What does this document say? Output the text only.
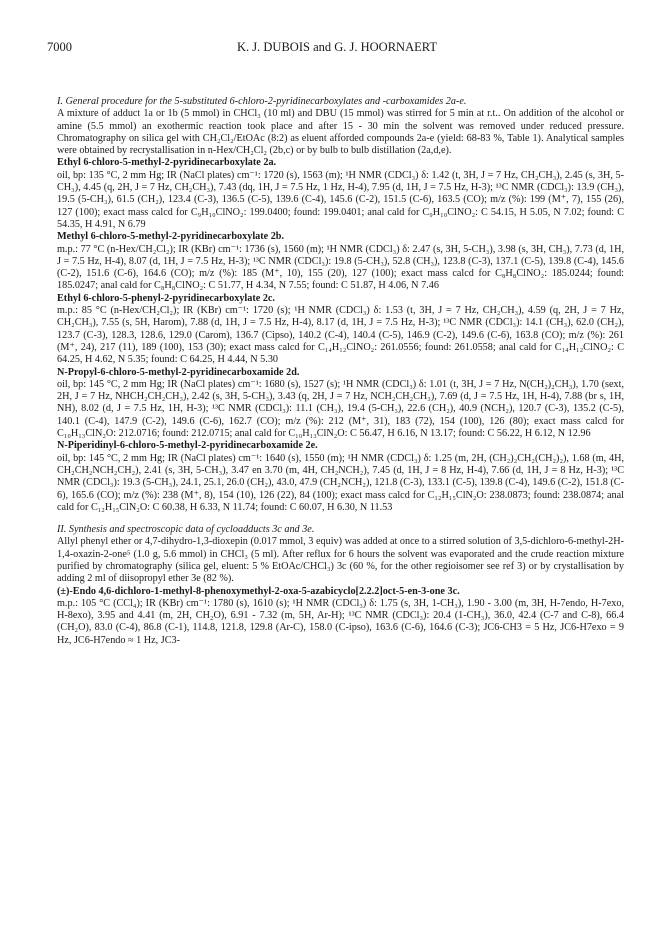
7000	K. J. DUBOIS and G. J. HOORNAERT

I. General procedure for the 5-substituted 6-chloro-2-pyridinecarboxylates and -carboxamides 2a-e.

A mixture of adduct 1a or 1b (5 mmol) in CHCl₃ (10 ml) and DBU (15 mmol) was stirred for 5 min at r.t.. On addition of the alcohol or amine (5.5 mmol) an exothermic reaction took place and after 15 - 30 min the solvent was removed under reduced pressure. Chromatography on silica gel with CH₂Cl₂/EtOAc (8:2) as eluent afforded compounds 2a-e (yield: 68-83 %, Table 1). Analytical samples were obtained by recrystallisation in n-Hex/CH₂Cl₂ (2b,c) or by bulb to bulb distillation (2a,d,e).

Ethyl 6-chloro-5-methyl-2-pyridinecarboxylate 2a.

oil, bp: 135 °C, 2 mm Hg; IR (NaCl plates) cm⁻¹: 1720 (s), 1563 (m); ¹H NMR (CDCl₃) δ: 1.42 (t, 3H, J = 7 Hz, CH₂CH₃), 2.45 (s, 3H, 5-CH₃), 4.45 (q, 2H, J = 7 Hz, CH₂CH₃), 7.43 (dq, 1H, J = 7.5 Hz, 1 Hz, H-4), 7.95 (d, 1H, J = 7.5 Hz, H-3); ¹³C NMR (CDCl₃): 13.9 (CH₃), 19.5 (5-CH₃), 61.5 (CH₂), 123.4 (C-3), 136.5 (C-5), 139.6 (C-4), 145.6 (C-2), 151.5 (C-6), 163.5 (CO); m/z (%): 199 (M⁺, 7), 155 (26), 127 (100); exact mass calcd for C₉H₁₀ClNO₂: 199.0400; found: 199.0401; anal cald for C₉H₁₀ClNO₂: C 54.15, H 5.05, N 7.02; found: C 54.35, H 4.91, N 6.79

Methyl 6-chloro-5-methyl-2-pyridinecarboxylate 2b.

m.p.: 77 °C (n-Hex/CH₂Cl₂); IR (KBr) cm⁻¹: 1736 (s), 1560 (m); ¹H NMR (CDCl₃) δ: 2.47 (s, 3H, 5-CH₃), 3.98 (s, 3H, CH₃), 7.73 (d, 1H, J = 7.5 Hz, H-4), 8.07 (d, 1H, J = 7.5 Hz, H-3); ¹³C NMR (CDCl₃): 19.8 (5-CH₃), 52.8 (CH₃), 123.8 (C-3), 137.1 (C-5), 139.8 (C-4), 145.6 (C-2), 151.6 (C-6), 164.6 (CO); m/z (%): 185 (M⁺, 10), 155 (20), 127 (100); exact mass calcd for C₈H₈ClNO₂: 185.0244; found: 185.0247; anal cald for C₈H₈ClNO₂: C 51.77, H 4.34, N 7.55; found: C 51.87, H 4.06, N 7.46

Ethyl 6-chloro-5-phenyl-2-pyridinecarboxylate 2c.

m.p.: 85 °C (n-Hex/CH₂Cl₂); IR (KBr) cm⁻¹: 1720 (s); ¹H NMR (CDCl₃) δ: 1.53 (t, 3H, J = 7 Hz, CH₂CH₃), 4.59 (q, 2H, J = 7 Hz, CH₂CH₃), 7.55 (s, 5H, Harom), 7.88 (d, 1H, J = 7.5 Hz, H-4), 8.17 (d, 1H, J = 7.5 Hz, H-3); ¹³C NMR (CDCl₃): 14.1 (CH₃), 62.0 (CH₂), 123.7 (C-3), 128.3, 128.6, 129.0 (Carom), 136.7 (Cipso), 140.2 (C-4), 140.4 (C-5), 146.9 (C-2), 149.6 (C-6), 163.8 (CO); m/z (%): 261 (M⁺, 24), 217 (11), 189 (100), 153 (30); exact mass calcd for C₁₄H₁₂ClNO₂: 261.0556; found: 261.0558; anal cald for C₁₄H₁₂ClNO₂: C 64.25, H 4.62, N 5.35; found: C 64.25, H 4.44, N 5.30

N-Propyl-6-chloro-5-methyl-2-pyridinecarboxamide 2d.

oil, bp: 145 °C, 2 mm Hg; IR (NaCl plates) cm⁻¹: 1680 (s), 1527 (s); ¹H NMR (CDCl₃) δ: 1.01 (t, 3H, J = 7 Hz, N(CH₂)₂CH₃), 1.70 (sext, 2H, J = 7 Hz, NHCH₂CH₂CH₃), 2.42 (s, 3H, 5-CH₃), 3.43 (q, 2H, J = 7 Hz, NCH₂CH₂CH₃), 7.69 (d, J = 7.5 Hz, 1H, H-4), 7.88 (br s, 1H, NH), 8.02 (d, J = 7.5 Hz, 1H, H-3); ¹³C NMR (CDCl₃): 11.1 (CH₃), 19.4 (5-CH₃), 22.6 (CH₂), 40.9 (NCH₂), 120.7 (C-3), 135.2 (C-5), 140.1 (C-4), 147.9 (C-2), 149.6 (C-6), 162.7 (CO); m/z (%): 212 (M⁺, 31), 183 (72), 154 (100), 126 (80); exact mass calcd for C₁₀H₁₃ClN₂O: 212.0716; found: 212.0715; anal cald for C₁₀H₁₃ClN₂O: C 56.47, H 6.16, N 13.17; found: C 56.22, H 6.12, N 12.96

N-Piperidinyl-6-chloro-5-methyl-2-pyridinecarboxamide 2e.

oil, bp: 145 °C, 2 mm Hg; IR (NaCl plates) cm⁻¹: 1640 (s), 1550 (m); ¹H NMR (CDCl₃) δ: 1.25 (m, 2H, (CH₂)₂CH₂(CH₂)₂), 1.68 (m, 4H, CH₂CH₂NCH₂CH₂), 2.41 (s, 3H, 5-CH₃), 3.47 en 3.70 (m, 4H, CH₂NCH₂), 7.45 (d, 1H, J = 8 Hz, H-4), 7.66 (d, 1H, J = 8 Hz, H-3); ¹³C NMR (CDCl₃): 19.3 (5-CH₃), 24.1, 25.1, 26.0 (CH₂), 43.0, 47.9 (CH₂NCH₂), 121.8 (C-3), 133.1 (C-5), 139.8 (C-4), 149.6 (C-2), 151.8 (C-6), 165.6 (CO); m/z (%): 238 (M⁺, 8), 154 (10), 126 (22), 84 (100); exact mass calcd for C₁₂H₁₅ClN₂O: 238.0873; found: 238.0874; anal cald for C₁₂H₁₅ClN₂O: C 60.38, H 6.33, N 11.74; found: C 60.07, H 6.30, N 11.53

II. Synthesis and spectroscopic data of cycloadducts 3c and 3e.

Allyl phenyl ether or 4,7-dihydro-1,3-dioxepin (0.017 mmol, 3 equiv) was added at once to a stirred solution of 3,5-dichloro-6-methyl-2H-1,4-oxazin-2-one⁵ (1.0 g, 5.6 mmol) in CHCl₃ (5 ml). After reflux for 6 hours the solvent was evaporated and the crude reaction mixture purified by chromatography (silica gel, eluent: 5 % EtOAc/CHCl₃) 3c (60 %, for the other regioisomer see ref 3) or by crystallisation by adding 2 ml of diisopropyl ether 3e (82 %).

(±)-Endo 4,6-dichloro-1-methyl-8-phenoxymethyl-2-oxa-5-azabicyclo[2.2.2]oct-5-en-3-one 3c.

m.p.: 105 °C (CCl₄); IR (KBr) cm⁻¹: 1780 (s), 1610 (s); ¹H NMR (CDCl₃) δ: 1.75 (s, 3H, 1-CH₃), 1.90 - 3.00 (m, 3H, H-7endo, H-7exo, H-8exo), 3.95 and 4.41 (m, 2H, CH₂O), 6.91 - 7.32 (m, 5H, Ar-H); ¹³C NMR (CDCl₃): 20.4 (1-CH₃), 36.0, 42.4 (C-7 and C-8), 66.4 (CH₂O), 83.0 (C-4), 86.8 (C-1), 114.8, 121.8, 129.8 (Ar-C), 158.0 (C-ipso), 163.6 (C-6), 164.6 (C-3); JC6-CH3 = 5 Hz, JC6-H7exo = 9 Hz, JC6-H7endo ≈ 1 Hz, JC3-
